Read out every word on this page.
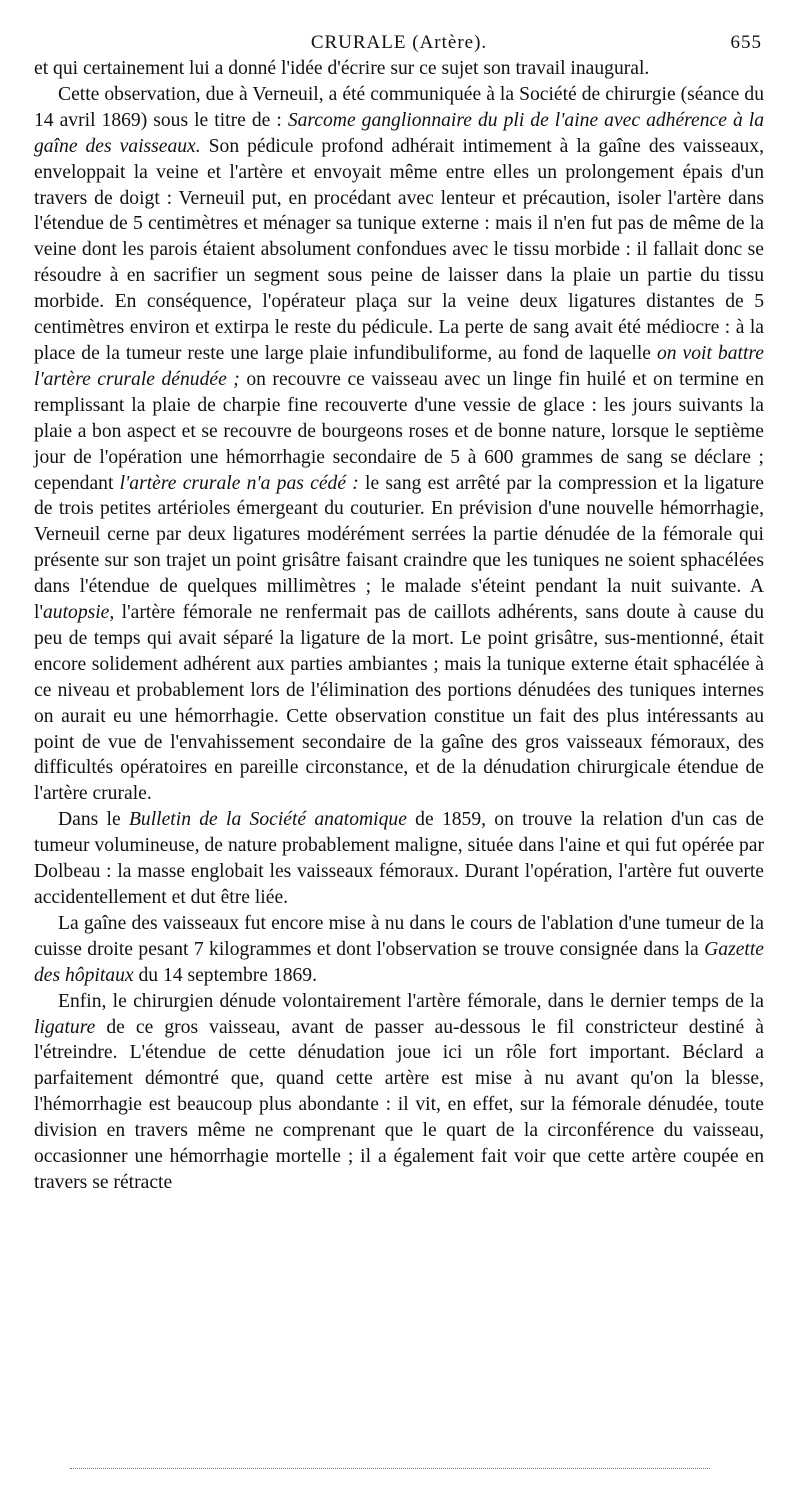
CRURALE (Artère).	655

et qui certainement lui a donné l'idée d'écrire sur ce sujet son travail inaugural.

Cette observation, due à Verneuil, a été communiquée à la Société de chirurgie (séance du 14 avril 1869) sous le titre de : Sarcome ganglionnaire du pli de l'aine avec adhérence à la gaîne des vaisseaux. Son pédicule profond adhérait intimement à la gaîne des vaisseaux, enveloppait la veine et l'artère et envoyait même entre elles un prolongement épais d'un travers de doigt : Verneuil put, en procédant avec lenteur et précaution, isoler l'artère dans l'étendue de 5 centimètres et ménager sa tunique externe : mais il n'en fut pas de même de la veine dont les parois étaient absolument confondues avec le tissu morbide : il fallait donc se résoudre à en sacrifier un segment sous peine de laisser dans la plaie un partie du tissu morbide. En conséquence, l'opérateur plaça sur la veine deux ligatures distantes de 5 centimètres environ et extirpa le reste du pédicule. La perte de sang avait été médiocre : à la place de la tumeur reste une large plaie infundibuliforme, au fond de laquelle on voit battre l'artère crurale dénudée ; on recouvre ce vaisseau avec un linge fin huilé et on termine en remplissant la plaie de charpie fine recouverte d'une vessie de glace : les jours suivants la plaie a bon aspect et se recouvre de bourgeons roses et de bonne nature, lorsque le septième jour de l'opération une hémorrhagie secondaire de 5 à 600 grammes de sang se déclare ; cependant l'artère crurale n'a pas cédé : le sang est arrêté par la compression et la ligature de trois petites artérioles émergeant du couturier. En prévision d'une nouvelle hémorrhagie, Verneuil cerne par deux ligatures modérément serrées la partie dénudée de la fémorale qui présente sur son trajet un point grisâtre faisant craindre que les tuniques ne soient sphacélées dans l'étendue de quelques millimètres ; le malade s'éteint pendant la nuit suivante. A l'autopsie, l'artère fémorale ne renfermait pas de caillots adhérents, sans doute à cause du peu de temps qui avait séparé la ligature de la mort. Le point grisâtre, sus-mentionné, était encore solidement adhérent aux parties ambiantes ; mais la tunique externe était sphacélée à ce niveau et probablement lors de l'élimination des portions dénudées des tuniques internes on aurait eu une hémorrhagie. Cette observation constitue un fait des plus intéressants au point de vue de l'envahissement secondaire de la gaîne des gros vaisseaux fémoraux, des difficultés opératoires en pareille circonstance, et de la dénudation chirurgicale étendue de l'artère crurale.

Dans le Bulletin de la Société anatomique de 1859, on trouve la relation d'un cas de tumeur volumineuse, de nature probablement maligne, située dans l'aine et qui fut opérée par Dolbeau : la masse englobait les vaisseaux fémoraux. Durant l'opération, l'artère fut ouverte accidentellement et dut être liée.

La gaîne des vaisseaux fut encore mise à nu dans le cours de l'ablation d'une tumeur de la cuisse droite pesant 7 kilogrammes et dont l'observation se trouve consignée dans la Gazette des hôpitaux du 14 septembre 1869.

Enfin, le chirurgien dénude volontairement l'artère fémorale, dans le dernier temps de la ligature de ce gros vaisseau, avant de passer au-dessous le fil constricteur destiné à l'étreindre. L'étendue de cette dénudation joue ici un rôle fort important. Béclard a parfaitement démontré que, quand cette artère est mise à nu avant qu'on la blesse, l'hémorrhagie est beaucoup plus abondante : il vit, en effet, sur la fémorale dénudée, toute division en travers même ne comprenant que le quart de la circonférence du vaisseau, occasionner une hémorrhagie mortelle ; il a également fait voir que cette artère coupée en travers se rétracte
